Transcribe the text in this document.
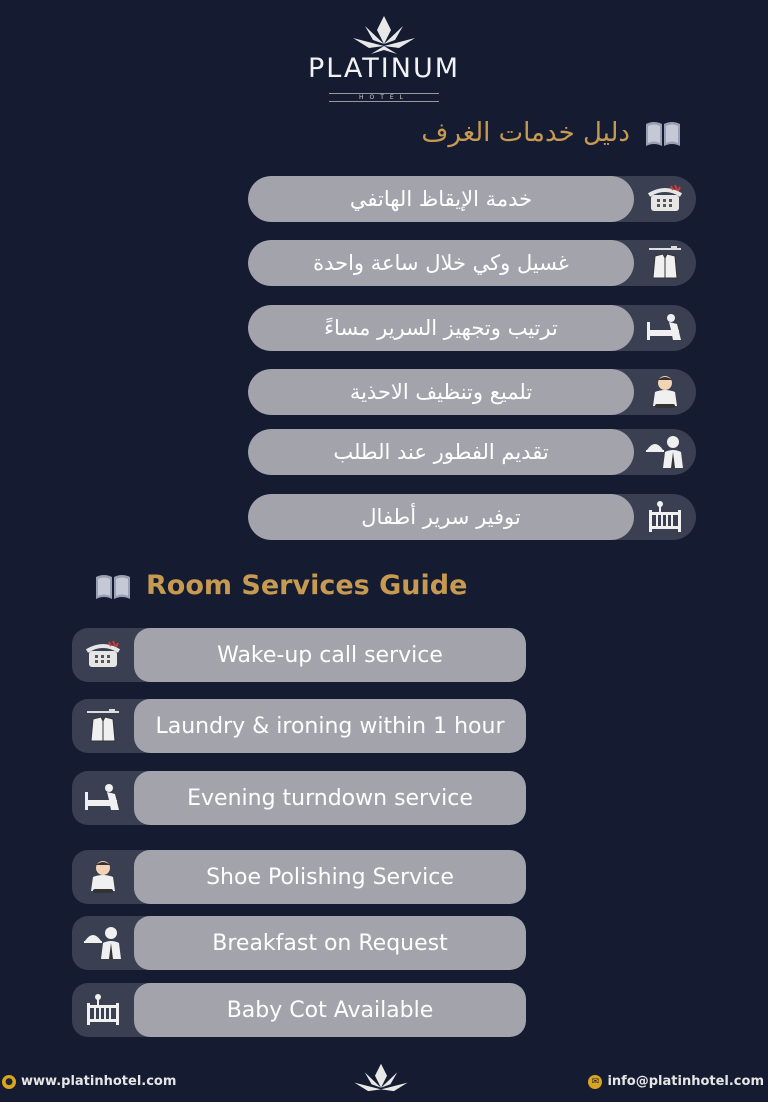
PLATINUM
HOTEL
دليل خدمات الغرف
خدمة الإيقاظ الهاتفي
غسيل وكي خلال ساعة واحدة
ترتيب وتجهيز السرير مساءً
تلميع وتنظيف الاحذية
تقديم الفطور عند الطلب
توفير سرير أطفال
Room Services Guide
Wake-up call service
Laundry & ironing within 1 hour
Evening turndown service
Shoe Polishing Service
Breakfast on Request
Baby Cot Available
● www.platinhotel.com	✉ info@platinhotel.com
